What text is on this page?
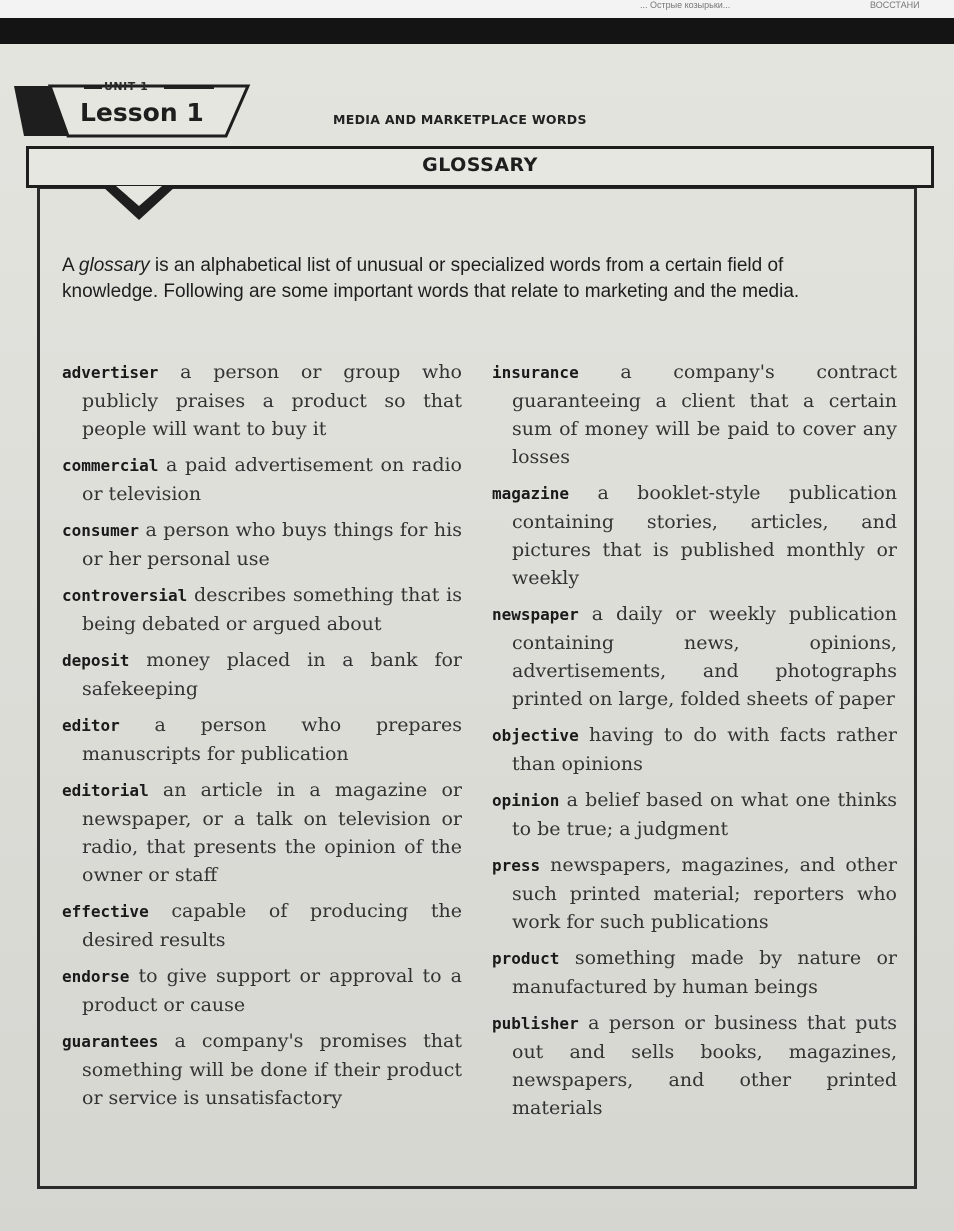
... Острые козырьки...	ВОССТАНИ
UNIT 1
Lesson 1	MEDIA AND MARKETPLACE WORDS
GLOSSARY
A glossary is an alphabetical list of unusual or specialized words from a certain field of knowledge. Following are some important words that relate to marketing and the media.
advertiser a person or group who publicly praises a product so that people will want to buy it
commercial a paid advertisement on radio or television
consumer a person who buys things for his or her personal use
controversial describes something that is being debated or argued about
deposit money placed in a bank for safekeeping
editor a person who prepares manuscripts for publication
editorial an article in a magazine or newspaper, or a talk on television or radio, that presents the opinion of the owner or staff
effective capable of producing the desired results
endorse to give support or approval to a product or cause
guarantees a company's promises that something will be done if their product or service is unsatisfactory
insurance a company's contract guaranteeing a client that a certain sum of money will be paid to cover any losses
magazine a booklet-style publication containing stories, articles, and pictures that is published monthly or weekly
newspaper a daily or weekly publication containing news, opinions, advertisements, and photographs printed on large, folded sheets of paper
objective having to do with facts rather than opinions
opinion a belief based on what one thinks to be true; a judgment
press newspapers, magazines, and other such printed material; reporters who work for such publications
product something made by nature or manufactured by human beings
publisher a person or business that puts out and sells books, magazines, newspapers, and other printed materials
